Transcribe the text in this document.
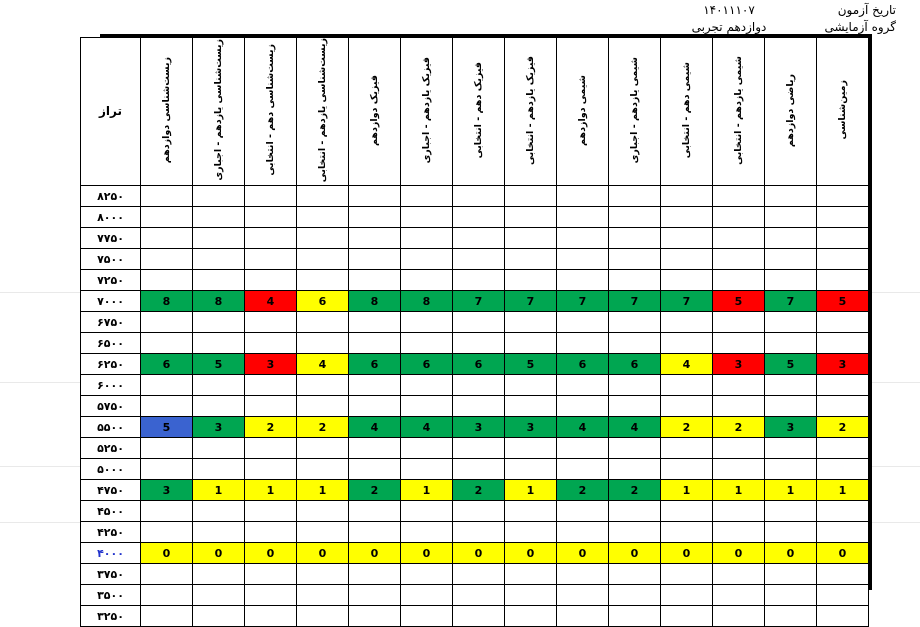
تاریخ آزمون
۱۴۰۱۱۱۰۷
گروه آزمایشی
دوازدهم تجربی
زمین‌شناسی	ریاضی دوازدهم	شیمی یازدهم - انتخابی	شیمی دهم - انتخابی	شیمی یازدهم - اجباری	شیمی دوازدهم	فیزیک یازدهم - انتخابی	فیزیک دهم - انتخابی	فیزیک یازدهم - اجباری	فیزیک دوازدهم	زیست‌شناسی یازدهم - انتخابی	زیست‌شناسی دهم - انتخابی	زیست‌شناسی یازدهم - اجباری	زیست‌شناسی دوازدهم	تراز
														۸۲۵۰
														۸۰۰۰
														۷۷۵۰
														۷۵۰۰
														۷۲۵۰
5	7	5	7	7	7	7	7	8	8	6	4	8	8	۷۰۰۰
														۶۷۵۰
														۶۵۰۰
3	5	3	4	6	6	5	6	6	6	4	3	5	6	۶۲۵۰
														۶۰۰۰
														۵۷۵۰
2	3	2	2	4	4	3	3	4	4	2	2	3	5	۵۵۰۰
														۵۲۵۰
														۵۰۰۰
1	1	1	1	2	2	1	2	1	2	1	1	1	3	۴۷۵۰
														۴۵۰۰
														۴۲۵۰
0	0	0	0	0	0	0	0	0	0	0	0	0	0	۴۰۰۰
														۳۷۵۰
														۳۵۰۰
														۳۲۵۰
